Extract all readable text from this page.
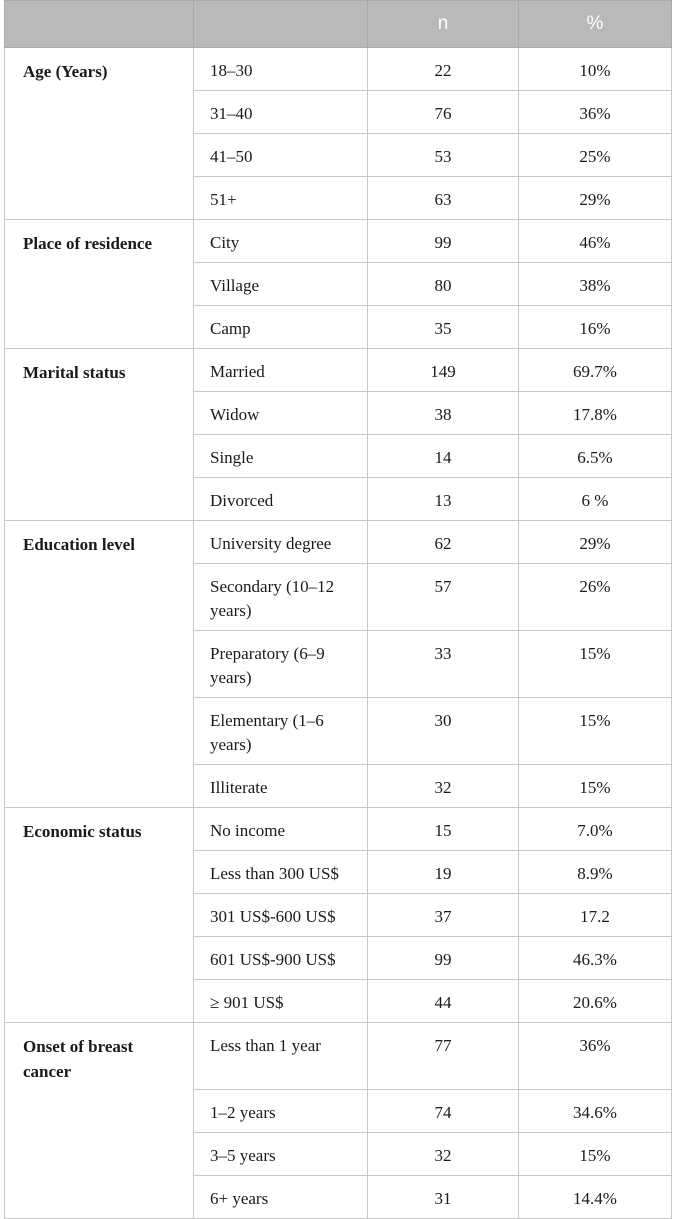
		n	%
Age (Years)	18–30	22	10%
	31–40	76	36%
	41–50	53	25%
	51+	63	29%
Place of residence	City	99	46%
	Village	80	38%
	Camp	35	16%
Marital status	Married	149	69.7%
	Widow	38	17.8%
	Single	14	6.5%
	Divorced	13	6 %
Education level	University degree	62	29%
	Secondary (10–12 years)	57	26%
	Preparatory (6–9 years)	33	15%
	Elementary (1–6 years)	30	15%
	Illiterate	32	15%
Economic status	No income	15	7.0%
	Less than 300 US$	19	8.9%
	301 US$-600 US$	37	17.2
	601 US$-900 US$	99	46.3%
	≥ 901 US$	44	20.6%
Onset of breast cancer	Less than 1 year	77	36%
	1–2 years	74	34.6%
	3–5 years	32	15%
	6+ years	31	14.4%
